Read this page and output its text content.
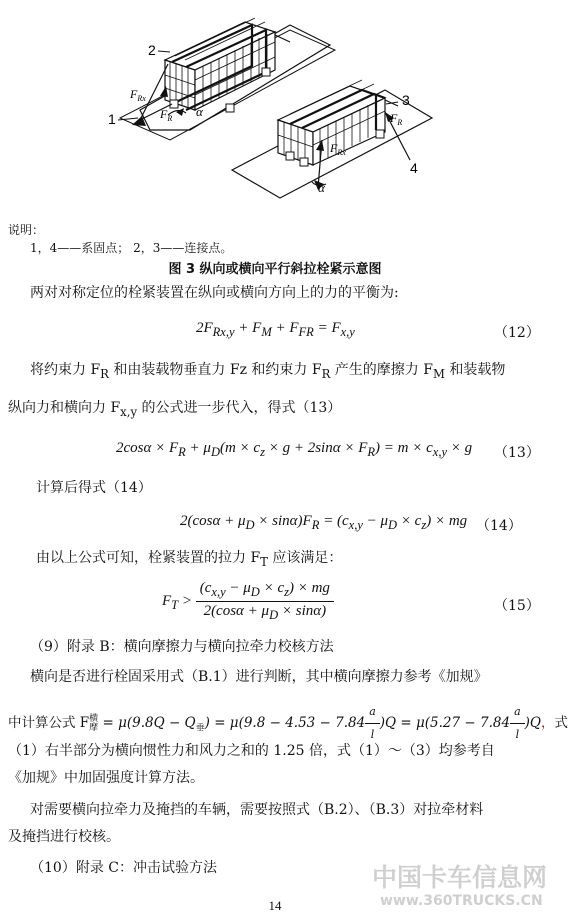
2
1
$F_{Rx}$
$F_R$ α
3
4
$F_R$
$F_{Rx}$
α
说明：
1，4——系固点； 2，3——连接点。
图 3 纵向或横向平行斜拉栓紧示意图
两对对称定位的栓紧装置在纵向或横向方向上的力的平衡为:
$2F_{Rx,y} + F_M + F_{FR} = F_{x,y}$	（12）
将约束力 $F_R$ 和由装载物垂直力 Fz 和约束力 $F_R$ 产生的摩擦力 $F_M$ 和装载物
纵向力和横向力 $F_{x,y}$ 的公式进一步代入，得式（13）
$2\cos\alpha \times F_R + \mu_D(m \times c_z \times g + 2\sin\alpha \times F_R) = m \times c_{x,y} \times g$ （13）
计算后得式（14）
$2(\cos\alpha + \mu_D \times \sin\alpha)F_R = (c_{x,y} - \mu_D \times c_z)$ × mg （14）
由以上公式可知，栓紧装置的拉力 $F_T$ 应该满足：
$F_T > \frac{(c_{x,y} - \mu_D \times c_z) \times mg}{2(\cos\alpha + \mu_D \times \sin\alpha)}$	（15）
（9）附录 B：横向摩擦力与横向拉牵力校核方法
横向是否进行栓固采用式（B.1）进行判断，其中横向摩擦力参考《加规》
中计算公式 F 横
摩 = $\mu(9.8Q - Q_垂) = \mu(9.8 - 4.53 - 7.84 \frac{a}{l} )Q = \mu(5.27 - 7.84 \frac{a}{l} )Q$，式
（1）右半部分为横向惯性力和风力之和的 1.25 倍，式（1）～（3）均参考自
《加规》中加固强度计算方法。
对需要横向拉牵力及掩挡的车辆，需要按照式（B.2）、（B.3）对拉牵材料
及掩挡进行校核。
（10）附录 C：冲击试验方法
14
中国卡车信息网
www.360TRUCKS.CN
